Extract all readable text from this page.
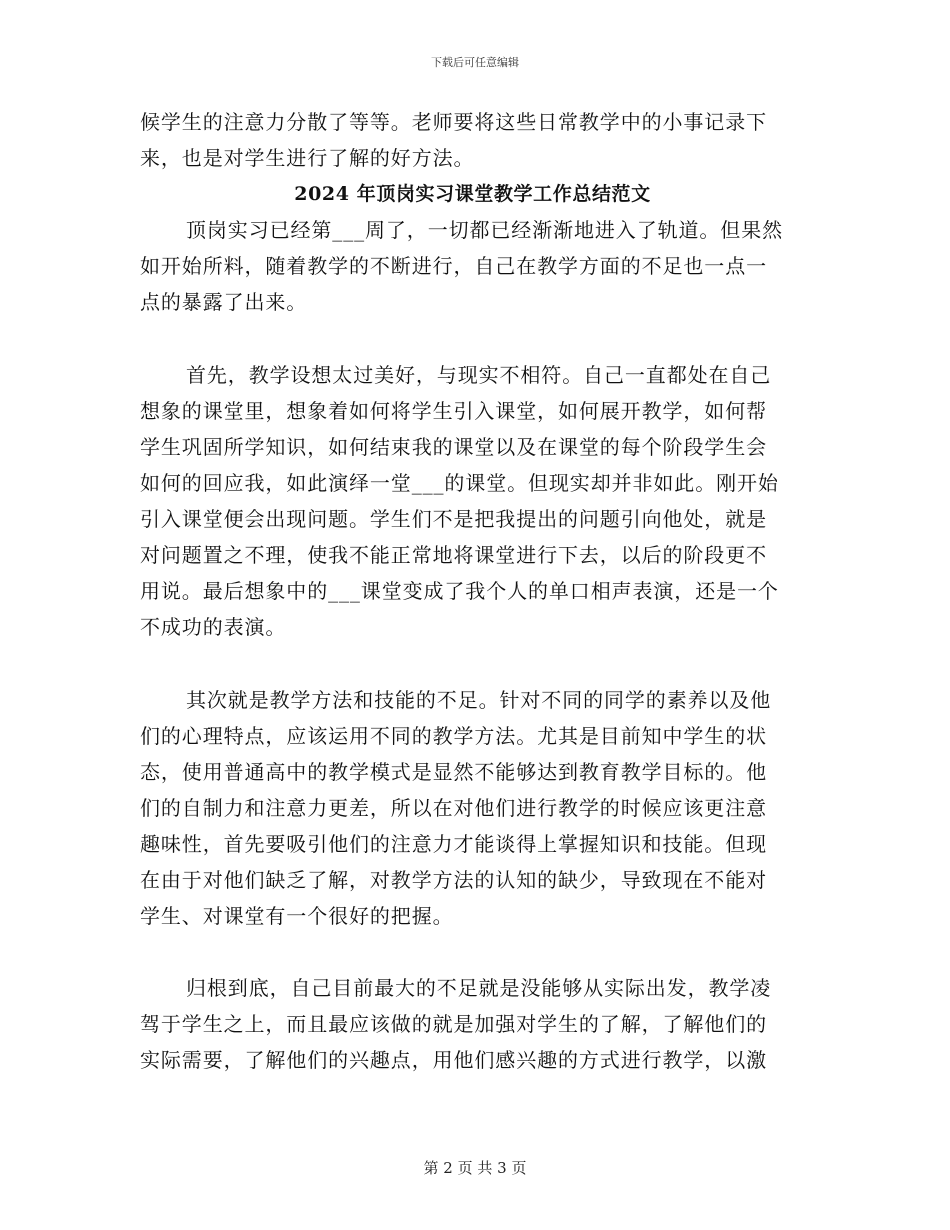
下载后可任意编辑
候学生的注意力分散了等等。老师要将这些日常教学中的小事记录下
来，也是对学生进行了解的好方法。
2024 年顶岗实习课堂教学工作总结范文
顶岗实习已经第___周了，一切都已经渐渐地进入了轨道。但果然
如开始所料，随着教学的不断进行，自己在教学方面的不足也一点一
点的暴露了出来。
首先，教学设想太过美好，与现实不相符。自己一直都处在自己
想象的课堂里，想象着如何将学生引入课堂，如何展开教学，如何帮
学生巩固所学知识，如何结束我的课堂以及在课堂的每个阶段学生会
如何的回应我，如此演绎一堂___的课堂。但现实却并非如此。刚开始
引入课堂便会出现问题。学生们不是把我提出的问题引向他处，就是
对问题置之不理，使我不能正常地将课堂进行下去，以后的阶段更不
用说。最后想象中的___课堂变成了我个人的单口相声表演，还是一个
不成功的表演。
其次就是教学方法和技能的不足。针对不同的同学的素养以及他
们的心理特点，应该运用不同的教学方法。尤其是目前知中学生的状
态，使用普通高中的教学模式是显然不能够达到教育教学目标的。他
们的自制力和注意力更差，所以在对他们进行教学的时候应该更注意
趣味性，首先要吸引他们的注意力才能谈得上掌握知识和技能。但现
在由于对他们缺乏了解，对教学方法的认知的缺少，导致现在不能对
学生、对课堂有一个很好的把握。
归根到底，自己目前最大的不足就是没能够从实际出发，教学凌
驾于学生之上，而且最应该做的就是加强对学生的了解，了解他们的
实际需要，了解他们的兴趣点，用他们感兴趣的方式进行教学，以激
第 2 页 共 3 页
